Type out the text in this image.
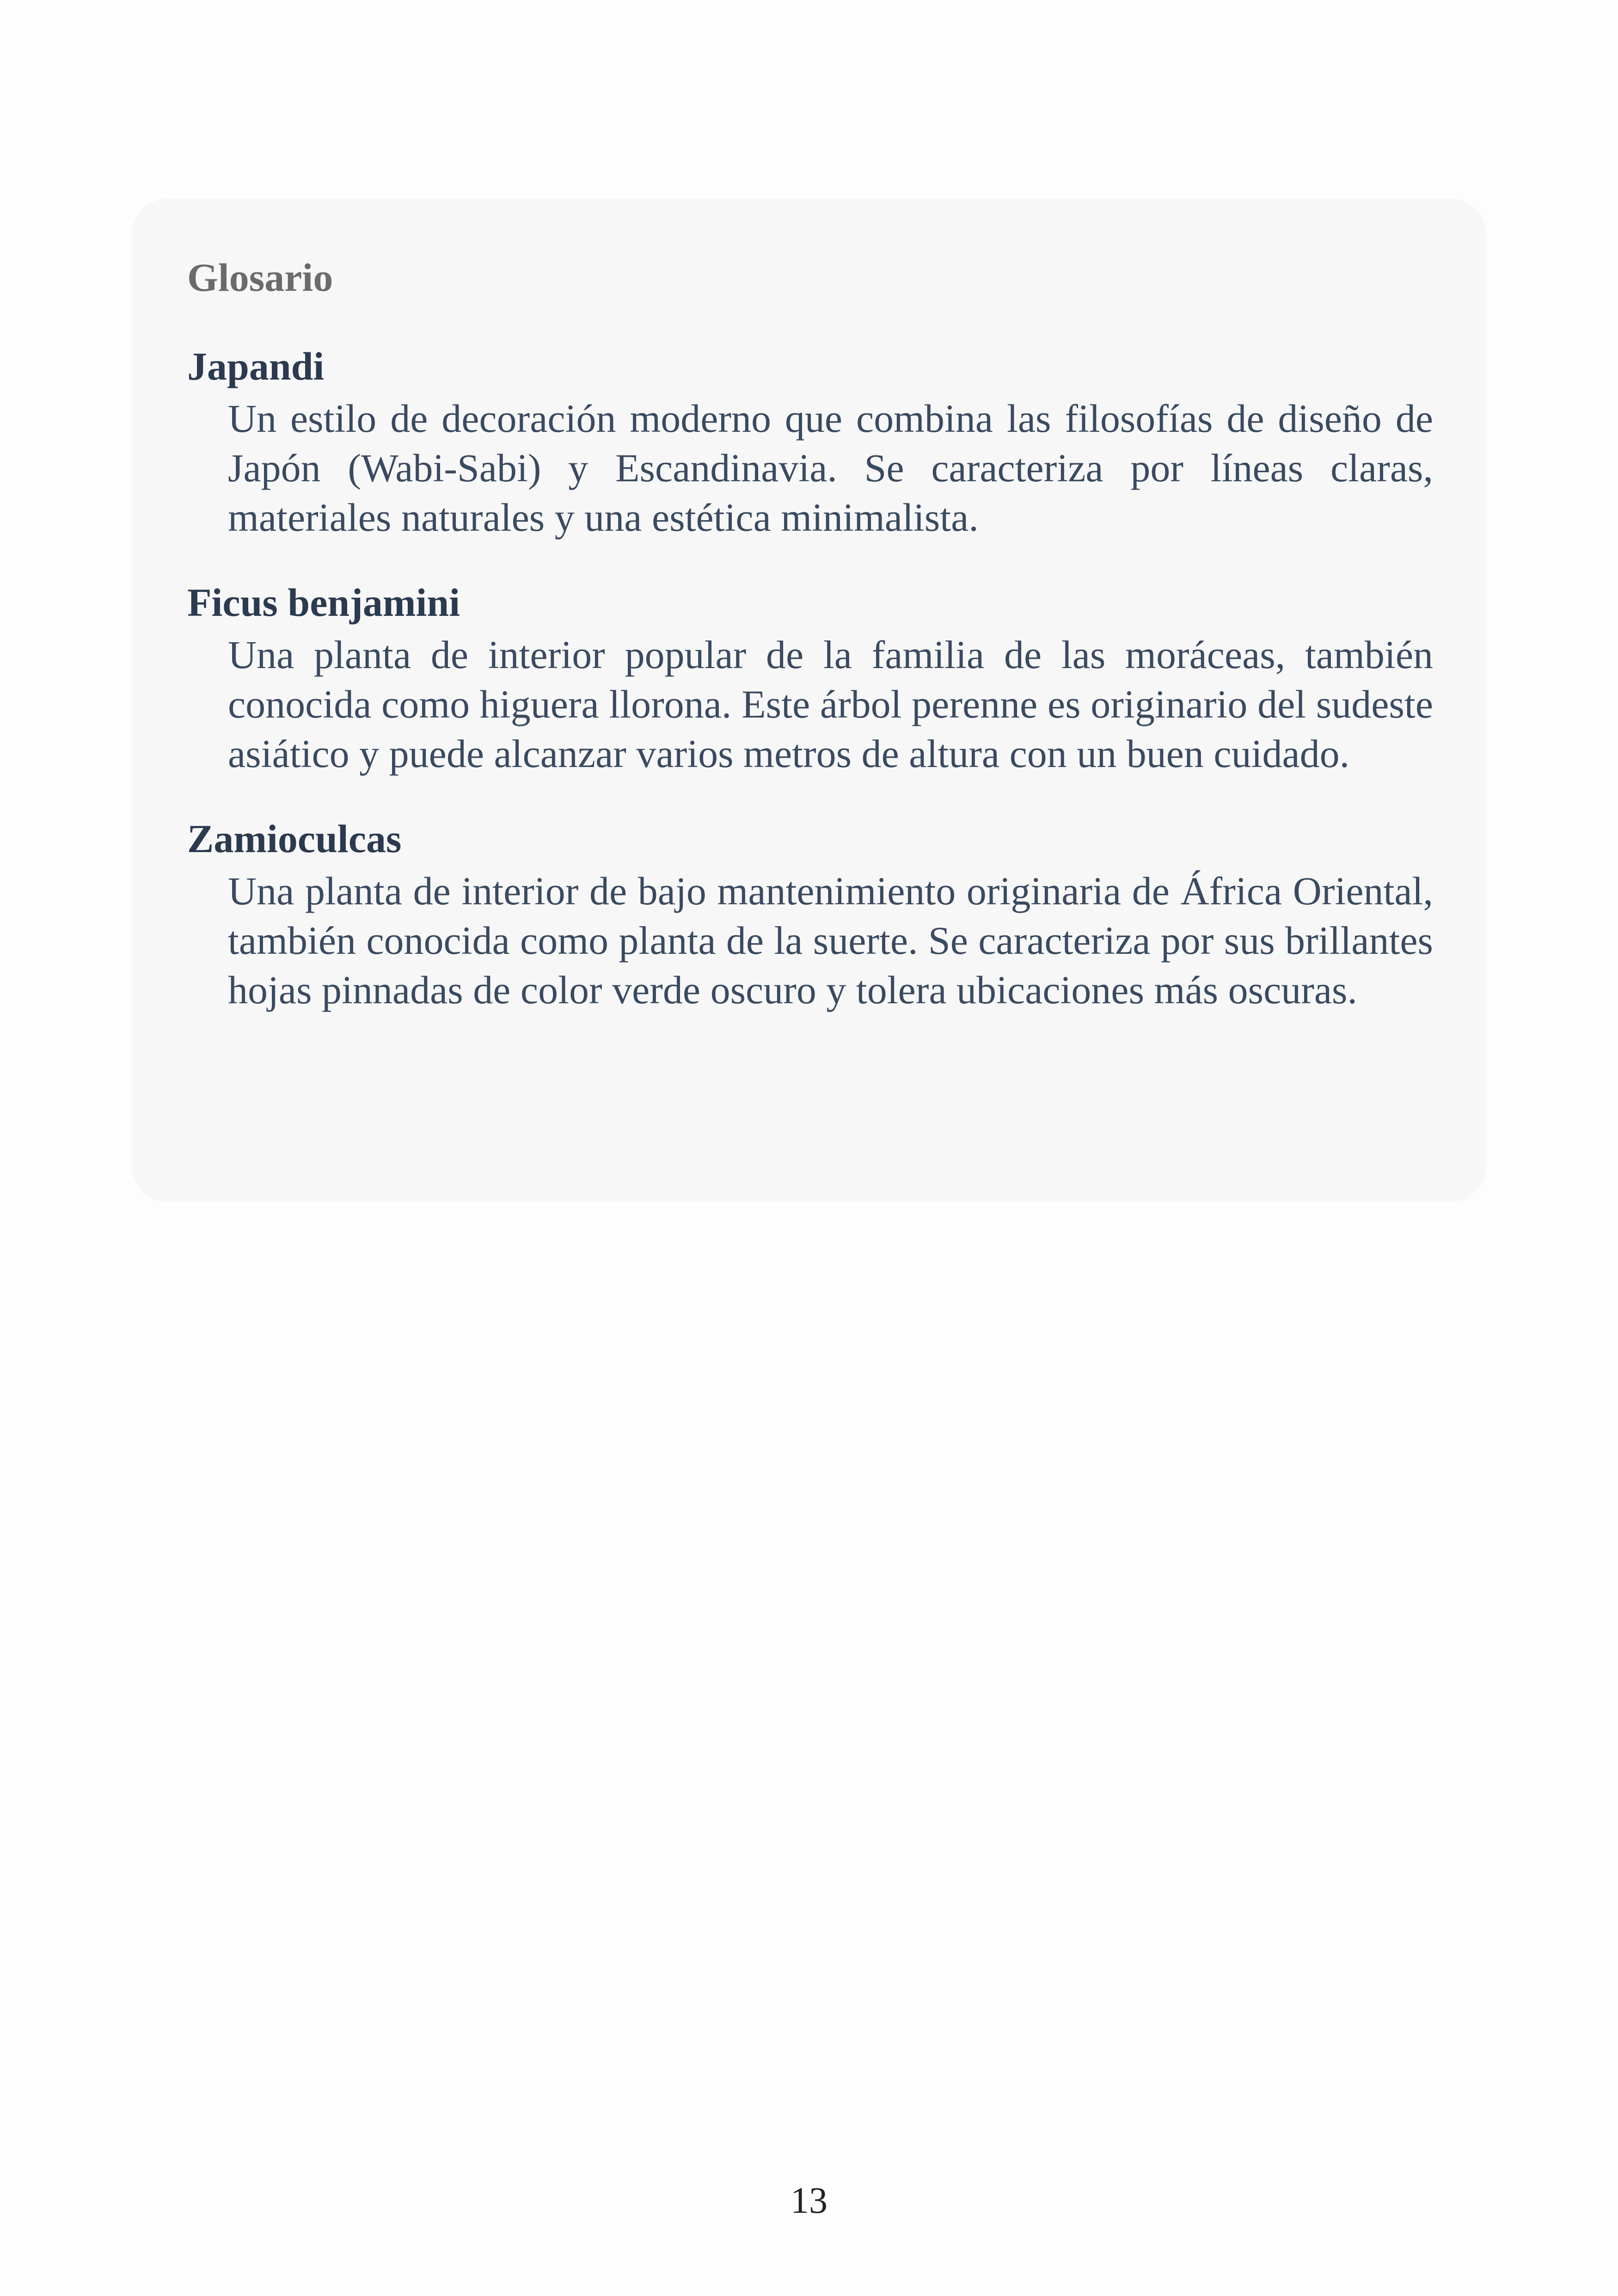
Glosario
Japandi
Un estilo de decoración moderno que combina las filosofías de diseño de Japón (Wabi-Sabi) y Escandinavia. Se caracteriza por líneas claras, materiales naturales y una estética minimalista.
Ficus benjamini
Una planta de interior popular de la familia de las moráceas, también conocida como higuera llorona. Este árbol perenne es originario del sudeste asiático y puede alcanzar varios metros de altura con un buen cuidado.
Zamioculcas
Una planta de interior de bajo mantenimiento originaria de África Oriental, también conocida como planta de la suerte. Se caracteriza por sus brillantes hojas pinnadas de color verde oscuro y tolera ubicaciones más oscuras.
13
